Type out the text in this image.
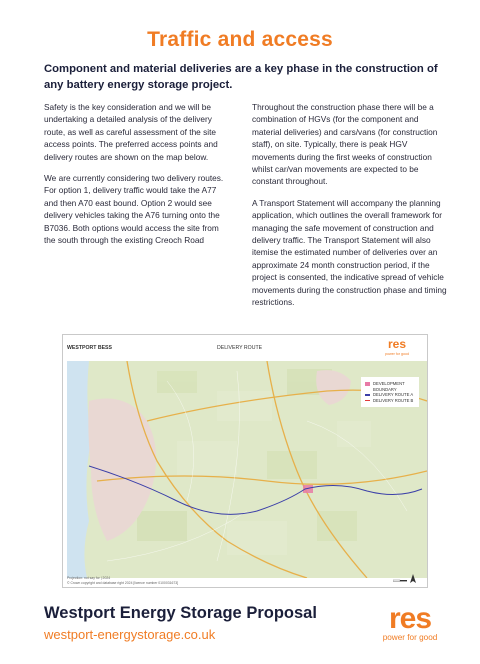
Traffic and access
Component and material deliveries are a key phase in the construction of any battery energy storage project.

Safety is the key consideration and we will be undertaking a detailed analysis of the delivery route, as well as careful assessment of the site access points. The preferred access points and delivery routes are shown on the map below.

We are currently considering two delivery routes. For option 1, delivery traffic would take the A77 and then A70 east bound. Option 2 would see delivery vehicles taking the A76 turning onto the B7036. Both options would access the site from the south through the existing Creoch Road

Throughout the construction phase there will be a combination of HGVs (for the component and material deliveries) and cars/vans (for construction staff), on site. Typically, there is peak HGV movements during the first weeks of construction whilst car/van movements are expected to be constant throughout.

A Transport Statement will accompany the planning application, which outlines the overall framework for managing the safe movement of construction and delivery traffic. The Transport Statement will also itemise the estimated number of deliveries over an approximate 24 month construction period, if the project is consented, the indicative spread of vehicle movements during the construction phase and timing restrictions.

WESTPORT BESS	DELIVERY ROUTE	res
power for good
DEVELOPMENT BOUNDARY
DELIVERY ROUTE A
DELIVERY ROUTE B
Projection: not say for | 2024
© Crown copyright and database right 2024 [licence number 0100031673]
Westport Energy Storage Proposal
westport-energystorage.co.uk	res
power for good
